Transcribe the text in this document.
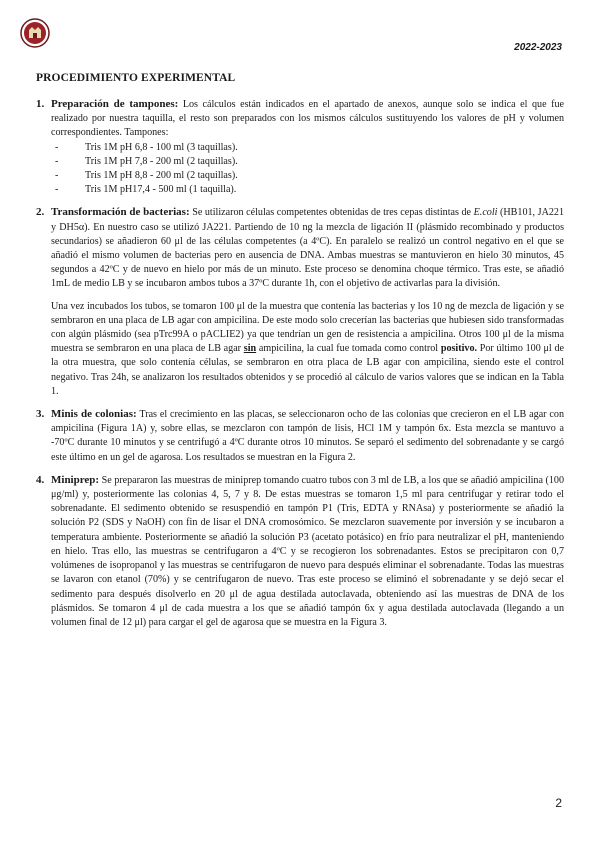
2022-2023
PROCEDIMIENTO EXPERIMENTAL
1. Preparación de tampones: Los cálculos están indicados en el apartado de anexos, aunque solo se indica el que fue realizado por nuestra taquilla, el resto son preparados con los mismos cálculos sustituyendo los valores de pH y volumen correspondientes. Tampones:

-	Tris 1M pH 6,8 - 100 ml (3 taquillas).
-	Tris 1M pH 7,8 - 200 ml (2 taquillas).
-	Tris 1M pH 8,8 - 200 ml (2 taquillas).
-	Tris 1M pH17,4 - 500 ml (1 taquilla).
2. Transformación de bacterias: Se utilizaron células competentes obtenidas de tres cepas distintas de E.coli (HB101, JA221 y DH5α). En nuestro caso se utilizó JA221. Partiendo de 10 ng la mezcla de ligación II (plásmido recombinado y productos secundarios) se añadieron 60 μl de las células competentes (a 4ºC). En paralelo se realizó un control negativo en el que se añadió el mismo volumen de bacterias pero en ausencia de DNA. Ambas muestras se mantuvieron en hielo 30 minutos, 45 segundos a 42ºC y de nuevo en hielo por más de un minuto. Este proceso se denomina choque térmico. Tras este, se añadió 1mL de medio LB y se incubaron ambos tubos a 37ºC durante 1h, con el objetivo de activarlas para la división.

Una vez incubados los tubos, se tomaron 100 μl de la muestra que contenía las bacterias y los 10 ng de mezcla de ligación y se sembraron en una placa de LB agar con ampicilina. De este modo solo crecerían las bacterias que hubiesen sido transformadas con algún plásmido (sea pTrc99A o pACLIE2) ya que tendrían un gen de resistencia a ampicilina. Otros 100 μl de la misma muestra se sembraron en una placa de LB agar sin ampicilina, la cual fue tomada como control positivo. Por último 100 μl de la otra muestra, que solo contenía células, se sembraron en otra placa de LB agar con ampicilina, siendo este el control negativo. Tras 24h, se analizaron los resultados obtenidos y se procedió al cálculo de varios valores que se indican en la Tabla 1.

3. Minis de colonias: Tras el crecimiento en las placas, se seleccionaron ocho de las colonias que crecieron en el LB agar con ampicilina (Figura 1A) y, sobre ellas, se mezclaron con tampón de lisis, HCl 1M y tampón 6x. Esta mezcla se mantuvo a -70ºC durante 10 minutos y se centrifugó a 4ºC durante otros 10 minutos. Se separó el sedimento del sobrenadante y se cargó este último en un gel de agarosa. Los resultados se muestran en la Figura 2.

4. Miniprep: Se prepararon las muestras de miniprep tomando cuatro tubos con 3 ml de LB, a los que se añadió ampicilina (100 μg/ml) y, posteriormente las colonias 4, 5, 7 y 8. De estas muestras se tomaron 1,5 ml para centrifugar y retirar todo el sobrenadante. El sedimento obtenido se resuspendió en tampón P1 (Tris, EDTA y RNAsa) y posteriormente se añadió la solución P2 (SDS y NaOH) con fin de lisar el DNA cromosómico. Se mezclaron suavemente por inversión y se incubaron a temperatura ambiente. Posteriormente se añadió la solución P3 (acetato potásico) en frío para neutralizar el pH, manteniendo en hielo. Tras ello, las muestras se centrifugaron a 4ºC y se recogieron los sobrenadantes. Estos se precipitaron con 0,7 volúmenes de isopropanol y las muestras se centrifugaron de nuevo para después eliminar el sobrenadante. Todas las muestras se lavaron con etanol (70%) y se centrifugaron de nuevo. Tras este proceso se eliminó el sobrenadante y se dejó secar el sedimento para después disolverlo en 20 μl de agua destilada autoclavada, obteniendo así las muestras de DNA de los plásmidos. Se tomaron 4 μl de cada muestra a los que se añadió tampón 6x y agua destilada autoclavada (llegando a un volumen final de 12 μl) para cargar el gel de agarosa que se muestra en la Figura 3.

2
